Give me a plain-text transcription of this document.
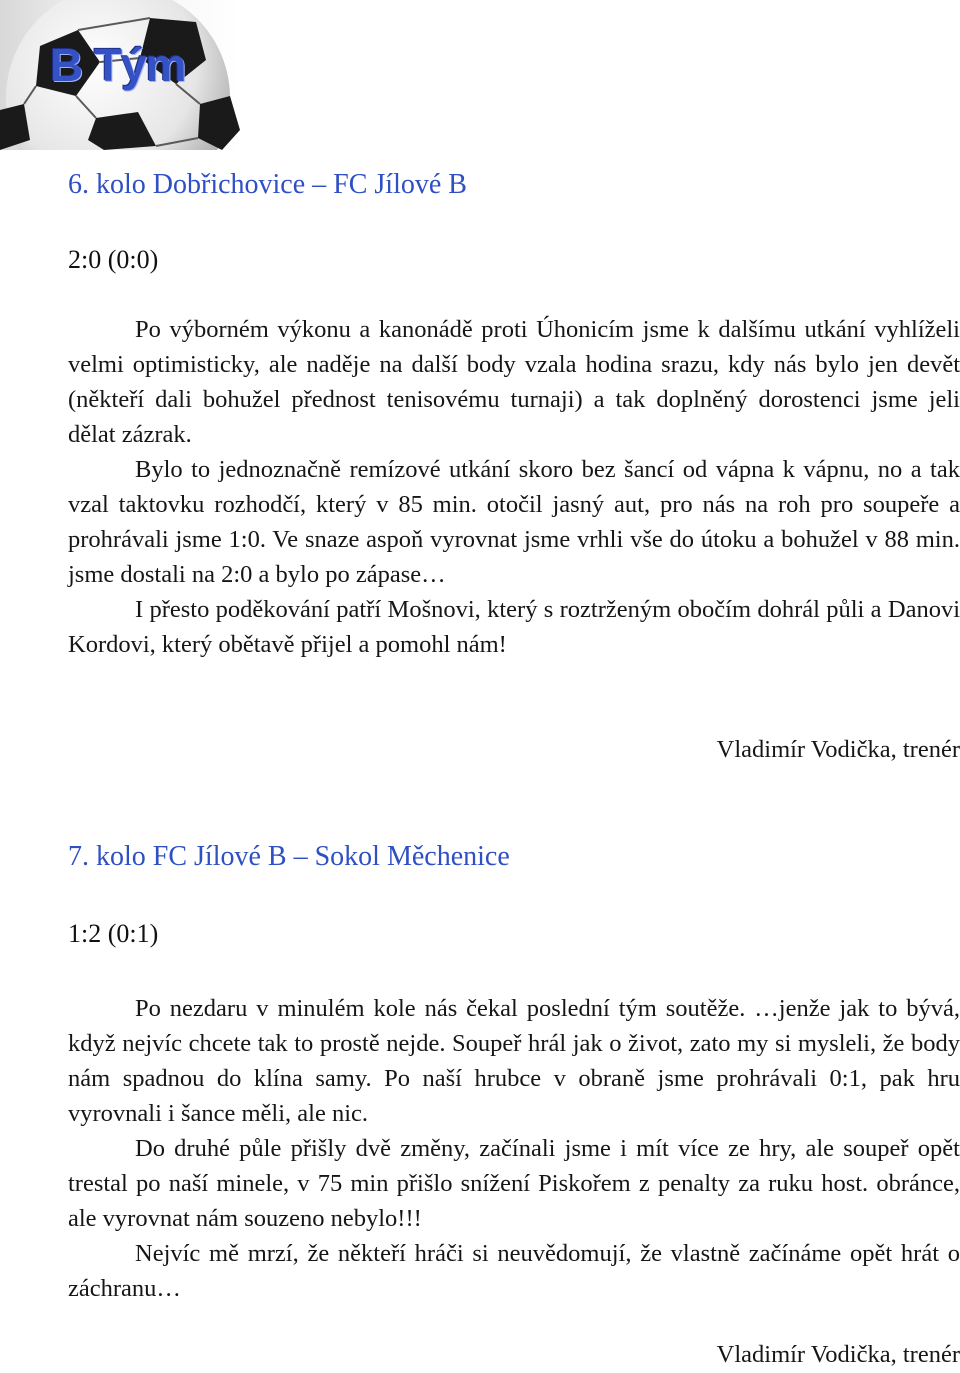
B Tým
6. kolo Dobřichovice – FC Jílové B
2:0 (0:0)

Po výborném výkonu a kanonádě proti Úhonicím jsme k dalšímu utkání vyhlíželi velmi optimisticky, ale naděje na další body vzala hodina srazu, kdy nás bylo jen devět (někteří dali bohužel přednost tenisovému turnaji) a tak doplněný dorostenci jsme jeli dělat zázrak.

Bylo to jednoznačně remízové utkání skoro bez šancí od vápna k vápnu, no a tak vzal taktovku rozhodčí, který v 85 min. otočil jasný aut, pro nás na roh pro soupeře a prohrávali jsme 1:0. Ve snaze aspoň vyrovnat jsme vrhli vše do útoku a bohužel v 88 min. jsme dostali na 2:0 a bylo po zápase…

I přesto poděkování patří Mošnovi, který s roztrženým obočím dohrál půli a Danovi Kordovi, který obětavě přijel a pomohl nám!

Vladimír Vodička, trenér
7. kolo FC Jílové B – Sokol Měchenice
1:2 (0:1)

Po nezdaru v minulém kole nás čekal poslední tým soutěže. …jenže jak to bývá, když nejvíc chcete tak to prostě nejde. Soupeř hrál jak o život, zato my si mysleli, že body nám spadnou do klína samy. Po naší hrubce v obraně jsme prohrávali 0:1, pak hru vyrovnali i šance měli, ale nic.

Do druhé půle přišly dvě změny, začínali jsme i mít více ze hry, ale soupeř opět trestal po naší minele, v 75 min přišlo snížení Piskořem z penalty za ruku host. obránce, ale vyrovnat nám souzeno nebylo!!!

Nejvíc mě mrzí, že někteří hráči si neuvědomují, že vlastně začínáme opět hrát o záchranu…

Vladimír Vodička, trenér
